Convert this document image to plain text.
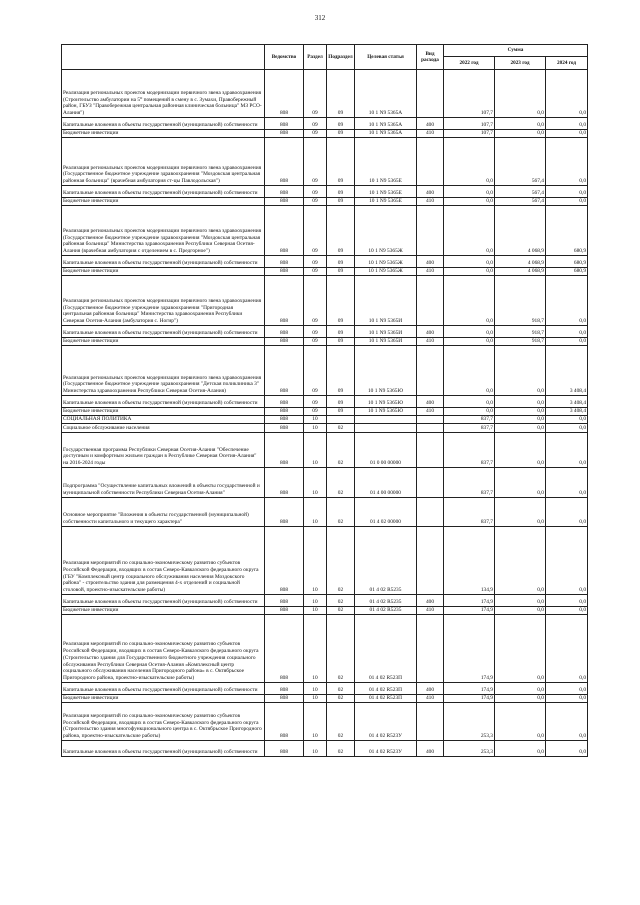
312
	Ведомство	Раздел	Подраздел	Целевая статья	Вид расхода	Сумма		
						2022 год	2023 год	2024 год
Реализация региональных проектов модернизации первичного звена здравоохранения (Строительство амбулатории на 5⁰ помещений в смену в с. Зумахи, Правобережный район, ГБУЗ "Правобережная центральная районная клиническая больница" МЗ РСО-Алания")	808	09	09	10 1 N9 5365A		107,7	0,0	0,0
Капитальные вложения в объекты государственной (муниципальной) собственности	808	09	09	10 1 N9 5365A	400	107,7	0,0	0,0
Бюджетные инвестиции	808	09	09	10 1 N9 5365A	410	107,7	0,0	0,0
Реализация региональных проектов модернизации первичного звена здравоохранения (Государственное бюджетное учреждение здравоохранения "Моздокская центральная районная больница" (врачебная амбулатория ст-цы Павлодольская")	808	09	09	10 1 N9 5365E		0,0	567,4	0,0
Капитальные вложения в объекты государственной (муниципальной) собственности	808	09	09	10 1 N9 5365E	400	0,0	567,4	0,0
Бюджетные инвестиции	808	09	09	10 1 N9 5365E	410	0,0	567,4	0,0
Реализация региональных проектов модернизации первичного звена здравоохранения (Государственное бюджетное учреждение здравоохранения "Моздокская центральная районная больница" Министерства здравоохранения Республики Северная Осетия-Алания (врачебная амбулатория с отделением в с. Предгорное")	808	09	09	10 1 N9 5365Ж		0,0	4 068,9	680,9
Капитальные вложения в объекты государственной (муниципальной) собственности	808	09	09	10 1 N9 5365Ж	400	0,0	4 068,9	680,9
Бюджетные инвестиции	808	09	09	10 1 N9 5365Ж	410	0,0	4 068,9	680,9
Реализация региональных проектов модернизации первичного звена здравоохранения (Государственное бюджетное учреждение здравоохранения "Пригородная центральная районная больница" Министерства здравоохранения Республики Северная Осетия-Алания (амбулатория с. Ногир")	808	09	09	10 1 N9 5365И		0,0	918,7	0,0
Капитальные вложения в объекты государственной (муниципальной) собственности	808	09	09	10 1 N9 5365И	400	0,0	918,7	0,0
Бюджетные инвестиции	808	09	09	10 1 N9 5365И	410	0,0	918,7	0,0
Реализация региональных проектов модернизации первичного звена здравоохранения (Государственное бюджетное учреждение здравоохранения "Детская поликлиника 3" Министерства здравоохранения Республики Северная Осетия-Алания)	808	09	09	10 1 N9 5365Ю		0,0	0,0	3 408,4
Капитальные вложения в объекты государственной (муниципальной) собственности	808	09	09	10 1 N9 5365Ю	400	0,0	0,0	3 408,4
Бюджетные инвестиции	808	09	09	10 1 N9 5365Ю	410	0,0	0,0	3 408,4
СОЦИАЛЬНАЯ ПОЛИТИКА	808	10				837,7	0,0	0,0
Социальное обслуживание населения	808	10	02			837,7	0,0	0,0
Государственная программа Республики Северная Осетия-Алания "Обеспечение доступным и комфортным жильем граждан в Республике Северная Осетия-Алания" на 2016-2024 годы	808	10	02	01 0 00 00000		837,7	0,0	0,0
Подпрограмма "Осуществление капитальных вложений в объекты государственной и муниципальной собственности Республики Северная Осетия-Алания"	808	10	02	01 4 00 00000		837,7	0,0	0,0
Основное мероприятие "Вложения в объекты государственной (муниципальной) собственности капитального и текущего характера"	808	10	02	01 4 02 00000		837,7	0,0	0,0
Реализация мероприятий по социально-экономическому развитию субъектов Российской Федерации, входящих в состав Северо-Кавказского федерального округа (ГБУ "Комплексный центр социального обслуживания населения Моздокского района" - строительство здания для размещения 4-х отделений и социальной столовой, проектно-изыскательские работы)	808	10	02	01 4 02 R5235		134,9	0,0	0,0
Капитальные вложения в объекты государственной (муниципальной) собственности	808	10	02	01 4 02 R5235	400	174,9	0,0	0,0
Бюджетные инвестиции	808	10	02	01 4 02 R5235	410	174,9	0,0	0,0
Реализация мероприятий по социально-экономическому развитию субъектов Российской Федерации, входящих в состав Северо-Кавказского федерального округа (Строительство здания для Государственного бюджетного учреждения социального обслуживания Республики Северная Осетия-Алания «Комплексный центр социального обслуживания населения Пригородного района» в с. Октябрьское Пригородного района, проектно-изыскательские работы)	808	10	02	01 4 02 R523П		174,9	0,0	0,0
Капитальные вложения в объекты государственной (муниципальной) собственности	808	10	02	01 4 02 R523П	400	174,9	0,0	0,0
Бюджетные инвестиции	808	10	02	01 4 02 R523П	410	174,9	0,0	0,0
Реализация мероприятий по социально-экономическому развитию субъектов Российской Федерации, входящих в состав Северо-Кавказского федерального округа (Строительство здания многофункционального центра в с. Октябрьское Пригородного района, проектно-изыскательские работы)	808	10	02	01 4 02 R523У		253,3	0,0	0,0
Капитальные вложения в объекты государственной (муниципальной) собственности	808	10	02	01 4 02 R523У	400	253,3	0,0	0,0
